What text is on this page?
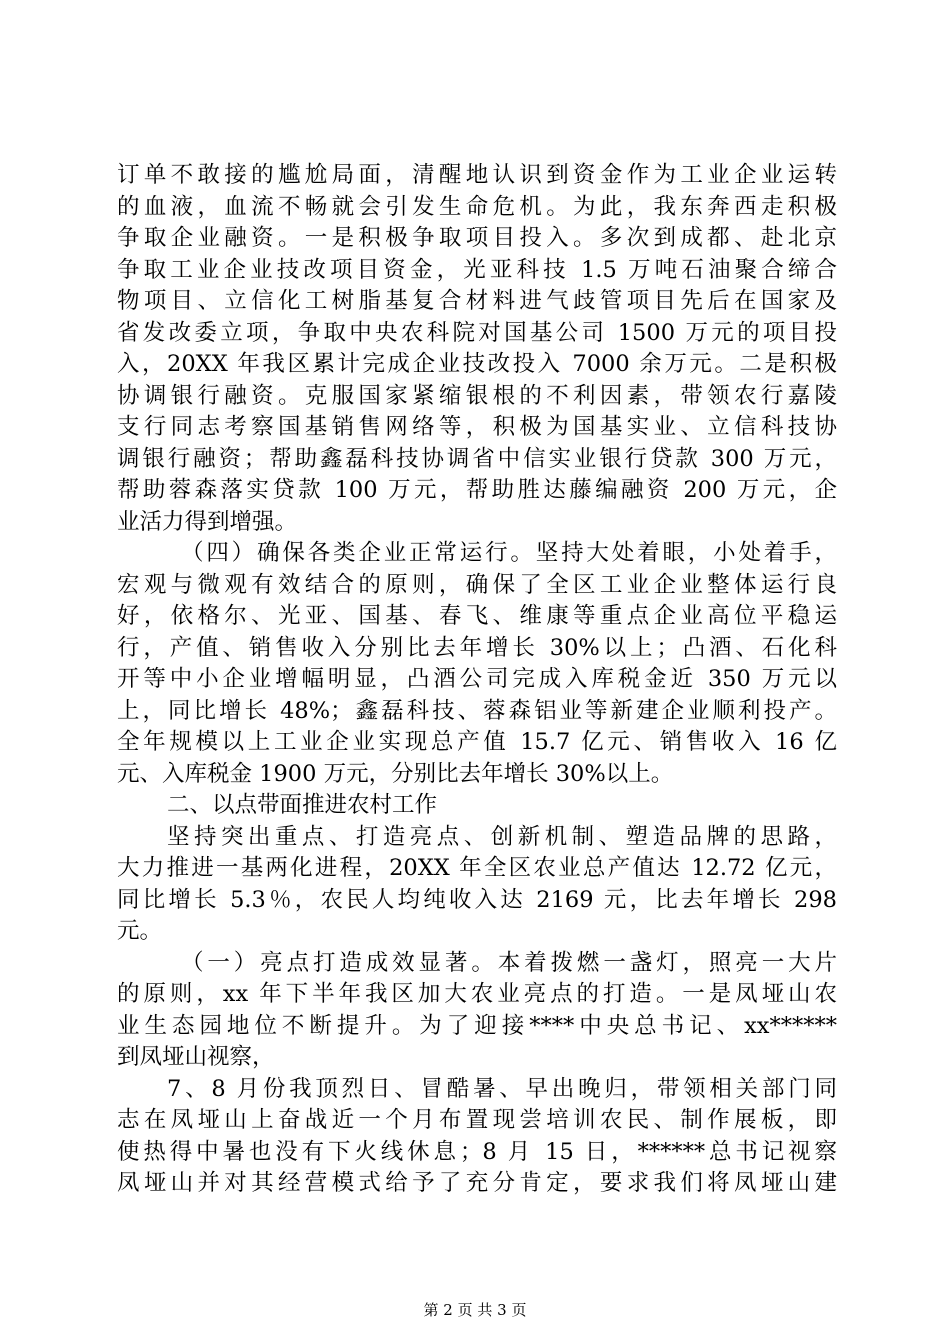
订单不敢接的尴尬局面，清醒地认识到资金作为工业企业运转
的血液，血流不畅就会引发生命危机。为此，我东奔西走积极
争取企业融资。一是积极争取项目投入。多次到成都、赴北京
争取工业企业技改项目资金，光亚科技 1.5 万吨石油聚合缔合
物项目、立信化工树脂基复合材料进气歧管项目先后在国家及
省发改委立项，争取中央农科院对国基公司 1500 万元的项目投
入，20XX 年我区累计完成企业技改投入 7000 余万元。二是积极
协调银行融资。克服国家紧缩银根的不利因素，带领农行嘉陵
支行同志考察国基销售网络等，积极为国基实业、立信科技协
调银行融资；帮助鑫磊科技协调省中信实业银行贷款 300 万元，
帮助蓉森落实贷款 100 万元，帮助胜达藤编融资 200 万元，企
业活力得到增强。
（四）确保各类企业正常运行。坚持大处着眼，小处着手，
宏观与微观有效结合的原则，确保了全区工业企业整体运行良
好，依格尔、光亚、国基、春飞、维康等重点企业高位平稳运
行，产值、销售收入分别比去年增长 30%以上；凸酒、石化科
开等中小企业增幅明显，凸酒公司完成入库税金近 350 万元以
上，同比增长 48%；鑫磊科技、蓉森铝业等新建企业顺利投产。
全年规模以上工业企业实现总产值 15.7 亿元、销售收入 16 亿
元、入库税金 1900 万元，分别比去年增长 30%以上。
二、以点带面推进农村工作
坚持突出重点、打造亮点、创新机制、塑造品牌的思路，
大力推进一基两化进程，20XX 年全区农业总产值达 12.72 亿元，
同比增长 5.3％，农民人均纯收入达 2169 元，比去年增长 298
元。
（一）亮点打造成效显著。本着拨燃一盏灯，照亮一大片
的原则，xx 年下半年我区加大农业亮点的打造。一是凤垭山农
业生态园地位不断提升。为了迎接****中央总书记、xx******
到凤垭山视察，
7、8 月份我顶烈日、冒酷暑、早出晚归，带领相关部门同
志在凤垭山上奋战近一个月布置现尝培训农民、制作展板，即
使热得中暑也没有下火线休息；8 月 15 日，******总书记视察
凤垭山并对其经营模式给予了充分肯定，要求我们将凤垭山建
第 2 页 共 3 页
